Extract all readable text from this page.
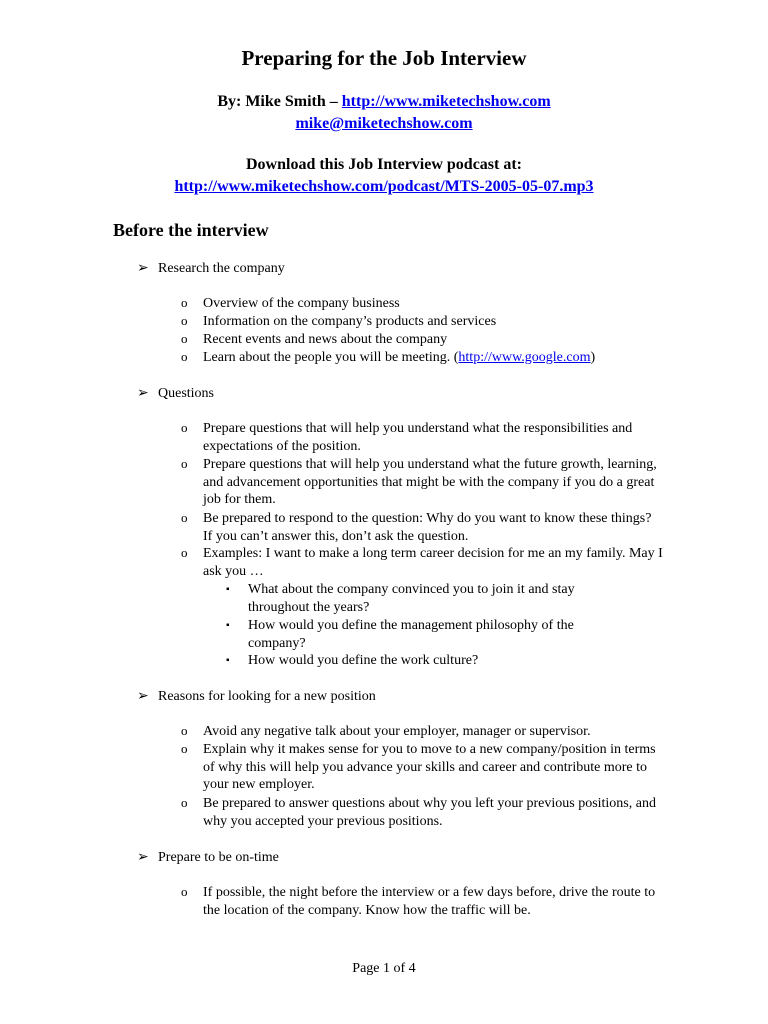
Preparing for the Job Interview
By: Mike Smith – http://www.miketechshow.com
mike@miketechshow.com
Download this Job Interview podcast at:
http://www.miketechshow.com/podcast/MTS-2005-05-07.mp3
Before the interview
➢ Research the company
o Overview of the company business
o Information on the company’s products and services
o Recent events and news about the company
o Learn about the people you will be meeting. (http://www.google.com)
➢ Questions
o Prepare questions that will help you understand what the responsibilities and expectations of the position.
o Prepare questions that will help you understand what the future growth, learning, and advancement opportunities that might be with the company if you do a great job for them.
o Be prepared to respond to the question: Why do you want to know these things? If you can’t answer this, don’t ask the question.
o Examples: I want to make a long term career decision for me an my family. May I ask you …
▪ What about the company convinced you to join it and stay throughout the years?
▪ How would you define the management philosophy of the company?
▪ How would you define the work culture?
➢ Reasons for looking for a new position
o Avoid any negative talk about your employer, manager or supervisor.
o Explain why it makes sense for you to move to a new company/position in terms of why this will help you advance your skills and career and contribute more to your new employer.
o Be prepared to answer questions about why you left your previous positions, and why you accepted your previous positions.
➢ Prepare to be on-time
o If possible, the night before the interview or a few days before, drive the route to the location of the company. Know how the traffic will be.
Page 1 of 4
